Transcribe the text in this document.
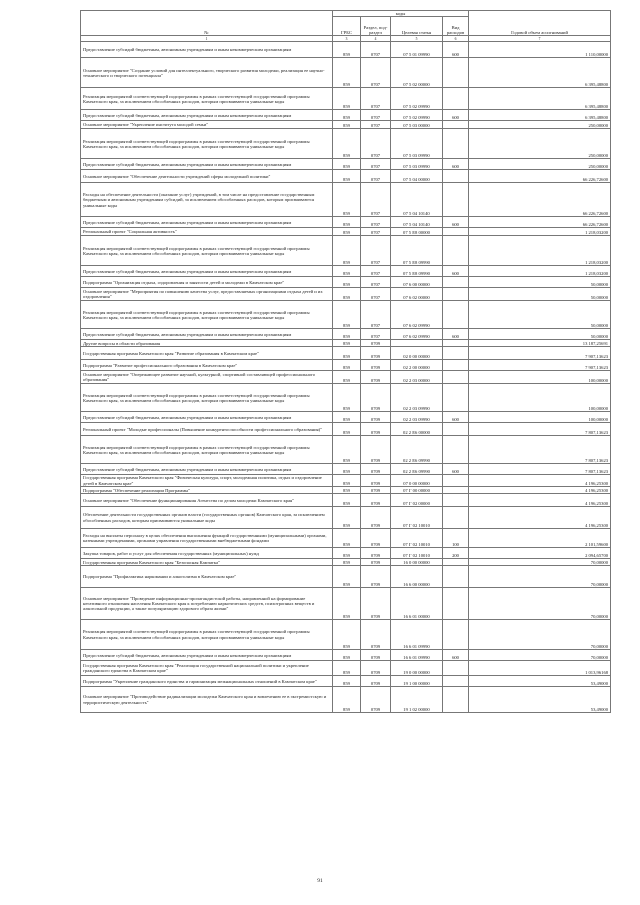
№	коды				Годовой объем ассигнований
	ГРБС	Раздел, под-раздел	Целевая статья	Вид расходов	
1	3	4	5	6	7
Предоставление субсидий бюджетным, автономным учреждениям и иным некоммерческим организациям	859	0707	07 5 01 09990	600	1 110,00000
Основное мероприятие "Создание условий для интеллектуального, творческого развития молодежи, реализация ее научно-технического и творческого потенциала"	859	0707	07 5 02 00000		6 395,48800
Реализация мероприятий соответствующей подпрограммы в рамках соответствующей государственной программы Камчатского края, за исключением обособленных расходов, которым присваиваются уникальные коды	859	0707	07 5 02 09990		6 395,48800
Предоставление субсидий бюджетным, автономным учреждениям и иным некоммерческим организациям	859	0707	07 5 02 09990	600	6 395,48800
Основное мероприятие "Укрепление института молодой семьи"	859	0707	07 5 03 00000		250,00000
Реализация мероприятий соответствующей подпрограммы в рамках соответствующей государственной программы Камчатского края, за исключением обособленных расходов, которым присваиваются уникальные коды	859	0707	07 5 03 09990		250,00000
Предоставление субсидий бюджетным, автономным учреждениям и иным некоммерческим организациям	859	0707	07 5 03 09990	600	250,00000
Основное мероприятие "Обеспечение деятельности учреждений сферы молодежной политики"	859	0707	07 5 04 00000		66 226,72600
Расходы на обеспечение деятельности (оказание услуг) учреждений, в том числе на предоставление государственным бюджетным и автономным учреждениям субсидий, за исключением обособленных расходов, которым присваиваются уникальные коды	859	0707	07 5 04 10140		66 226,72600
Предоставление субсидий бюджетным, автономным учреждениям и иным некоммерческим организациям	859	0707	07 5 04 10140	600	66 226,72600
Региональный проект "Социальная активность"	859	0707	07 5 E8 00000		1 218,03200
Реализация мероприятий соответствующей подпрограммы в рамках соответствующей государственной программы Камчатского края, за исключением обособленных расходов, которым присваиваются уникальные коды	859	0707	07 5 E8 09990		1 218,03200
Предоставление субсидий бюджетным, автономным учреждениям и иным некоммерческим организациям	859	0707	07 5 E8 09990	600	1 218,03200
Подпрограмма "Организация отдыха, оздоровления и занятости детей и молодежи в Камчатском крае"	859	0707	07 6 00 00000		50,00000
Основное мероприятие "Мероприятия по повышению качества услуг, предоставляемых организациями отдыха детей и их оздоровления"	859	0707	07 6 02 00000		50,00000
Реализация мероприятий соответствующей подпрограммы в рамках соответствующей государственной программы Камчатского края, за исключением обособленных расходов, которым присваиваются уникальные коды	859	0707	07 6 02 09990		50,00000
Предоставление субсидий бюджетным, автономным учреждениям и иным некоммерческим организациям	859	0707	07 6 02 09990	600	50,00000
Другие вопросы в области образования	859	0709			13 187,25691
Государственная программа Камчатского края "Развитие образования в Камчатском крае"	859	0709	02 0 00 00000		7 907,13623
Подпрограмма "Развитие профессионального образования в Камчатском крае"	859	0709	02 2 00 00000		7 907,13623
Основное мероприятие "Опережающее развитие научной, культурной, спортивной составляющей профессионального образования"	859	0709	02 2 03 00000		100,00000
Реализация мероприятий соответствующей подпрограммы в рамках соответствующей государственной программы Камчатского края, за исключением обособленных расходов, которым присваиваются уникальные коды	859	0709	02 2 03 09990		100,00000
Предоставление субсидий бюджетным, автономным учреждениям и иным некоммерческим организациям	859	0709	02 2 03 09990	600	100,00000
Региональный проект "Молодые профессионалы (Повышение конкурентоспособности профессионального образования)"	859	0709	02 2 E6 00000		7 807,13623
Реализация мероприятий соответствующей подпрограммы в рамках соответствующей государственной программы Камчатского края, за исключением обособленных расходов, которым присваиваются уникальные коды	859	0709	02 2 E6 09990		7 807,13623
Предоставление субсидий бюджетным, автономным учреждениям и иным некоммерческим организациям	859	0709	02 2 E6 09990	600	7 807,13623
Государственная программа Камчатского края "Физическая культура, спорт, молодежная политика, отдых и оздоровление детей в Камчатском крае"	859	0709	07 0 00 00000		4 196,25300
Подпрограмма "Обеспечение реализации Программы"	859	0709	07 Г 00 00000		4 196,25300
Основное мероприятие "Обеспечение функционирования Агентства по делам молодежи Камчатского края"	859	0709	07 Г 02 00000		4 196,25300
Обеспечение деятельности государственных органов власти (государственных органов) Камчатского края, за исключением обособленных расходов, которым присваиваются уникальные коды	859	0709	07 Г 02 10010		4 196,25300
Расходы на выплаты персоналу в целях обеспечения выполнения функций государственными (муниципальными) органами, казенными учреждениями, органами управления государственными внебюджетными фондами	859	0709	07 Г 02 10010	100	2 101,59600
Закупка товаров, работ и услуг для обеспечения государственных (муниципальных) нужд	859	0709	07 Г 02 10010	200	2 094,65700
Государственная программа Камчатского края "Безопасная Камчатка"	859	0709	16 0 00 00000		70,00000
Подпрограмма "Профилактика наркомании и алкоголизма в Камчатском крае"	859	0709	16 6 00 00000		70,00000
Основное мероприятие "Проведение информационно-пропагандистской работы, направленной на формирование негативного отношения населения Камчатского края к потреблению наркотических средств, психотропных веществ и алкогольной продукции, а также популяризацию здорового образа жизни"	859	0709	16 6 01 00000		70,00000
Реализация мероприятий соответствующей подпрограммы в рамках соответствующей государственной программы Камчатского края, за исключением обособленных расходов, которым присваиваются уникальные коды	859	0709	16 6 01 09990		70,00000
Предоставление субсидий бюджетным, автономным учреждениям и иным некоммерческим организациям	859	0709	16 6 01 09990	600	70,00000
Государственная программа Камчатского края "Реализация государственной национальной политики и укрепление гражданского единства в Камчатском крае"	859	0709	19 0 00 00000		1 013,96168
Подпрограмма "Укрепление гражданского единства и гармонизация межнациональных отношений в Камчатском крае"	859	0709	19 1 00 00000		53,49000
Основное мероприятие "Противодействие радикализации молодежи Камчатского края и вовлечению ее в экстремистскую и террористическую деятельность"	859	0709	19 1 02 00000		53,49000
91
